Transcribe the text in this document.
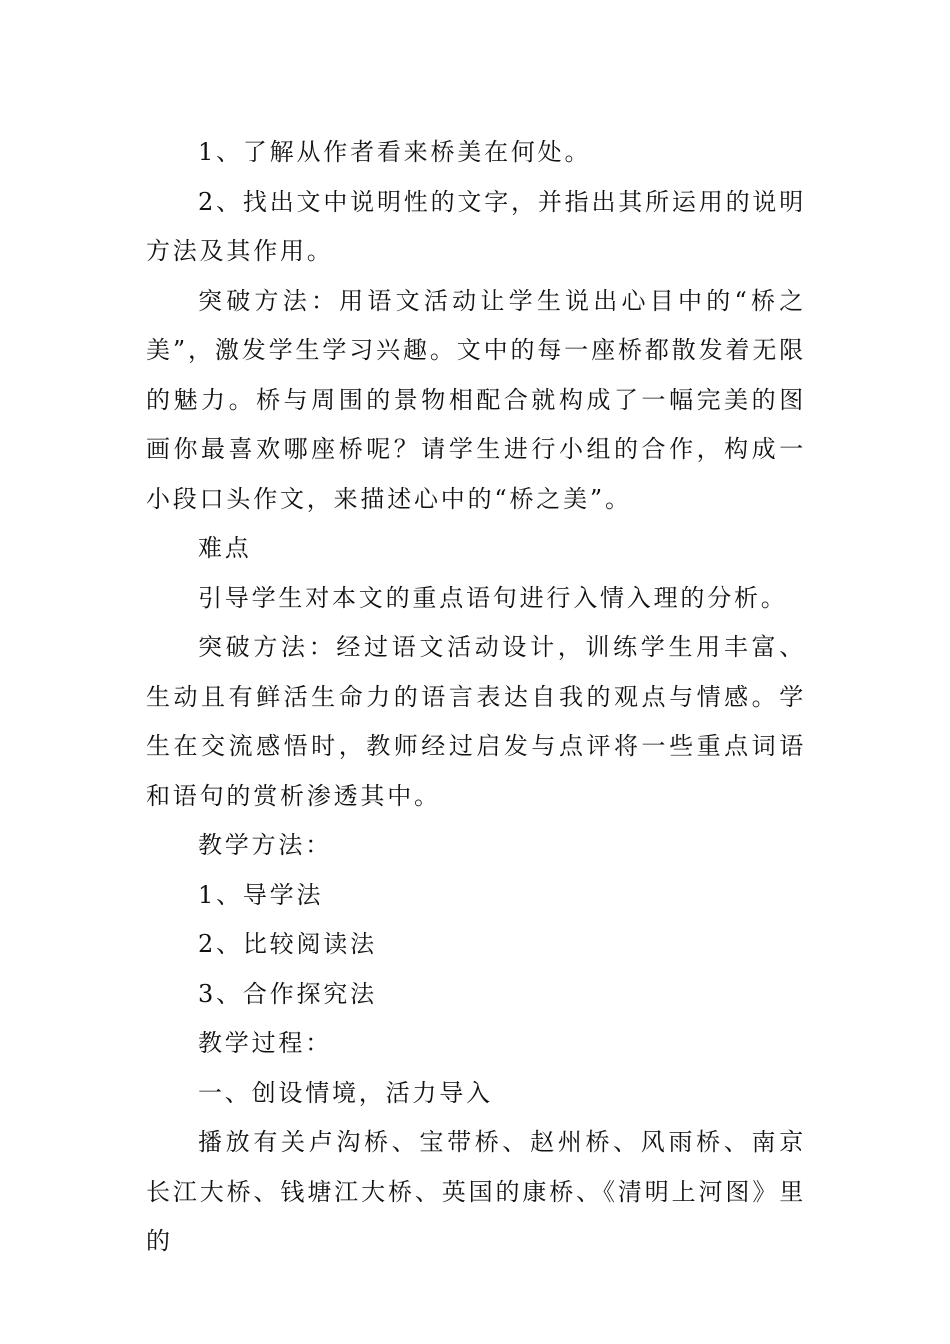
1、了解从作者看来桥美在何处。

2、找出文中说明性的文字，并指出其所运用的说明方法及其作用。

突破方法：用语文活动让学生说出心目中的“桥之美”，激发学生学习兴趣。文中的每一座桥都散发着无限的魅力。桥与周围的景物相配合就构成了一幅完美的图画你最喜欢哪座桥呢？请学生进行小组的合作，构成一小段口头作文，来描述心中的“桥之美”。

难点

引导学生对本文的重点语句进行入情入理的分析。

突破方法：经过语文活动设计，训练学生用丰富、生动且有鲜活生命力的语言表达自我的观点与情感。学生在交流感悟时，教师经过启发与点评将一些重点词语和语句的赏析渗透其中。

教学方法：

1、导学法

2、比较阅读法

3、合作探究法

教学过程：

一、创设情境，活力导入

播放有关卢沟桥、宝带桥、赵州桥、风雨桥、南京长江大桥、钱塘江大桥、英国的康桥、《清明上河图》里的
